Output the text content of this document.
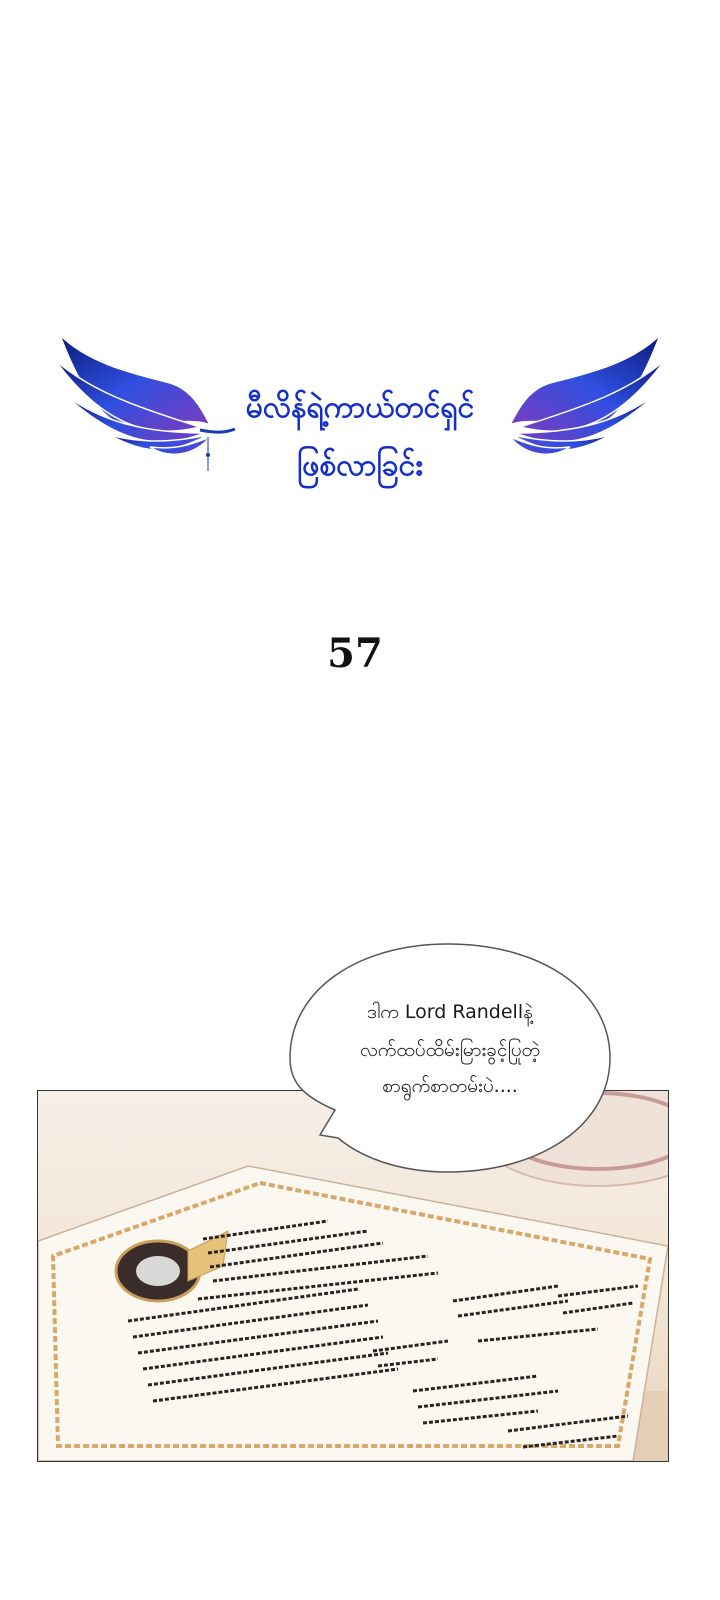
မီလိန်ရဲ့ကာယ်တင်ရှင်
ဖြစ်လာခြင်း
57
ဒါက Lord Randellနဲ့
လက်ထပ်ထိမ်းမြားခွင့်ပြုတဲ့
စာရွက်စာတမ်းပဲ....
